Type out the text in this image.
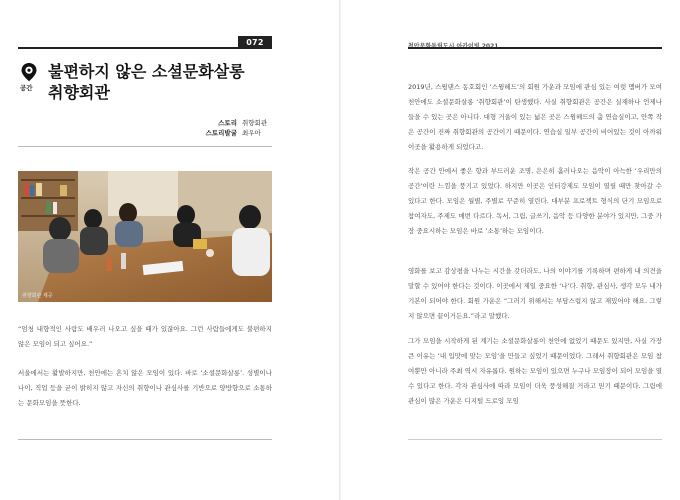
072
공간
불편하지 않은 소셜문화살롱
취향회관
스토리 취향회관
스토리발굴 최우아
취향회관 제공
“엄청 내향적인 사람도 배우러 나오고 싶을 때가 있잖아요. 그런 사람들에게도 불편하지 않은 모임이 되고 싶어요.”
서울에서는 활발하지만, 천안에는 흔치 않은 모임이 있다. 바로 ‘소셜문화살롱’. 성별이나 나이, 직업 등을 굳이 밝히지 않고 자신의 취향이나 관심사를 기반으로 양방향으로 소통하는 문화모임을 뜻한다.
2019년, 스윙댄스 동호회인 ‘스윙헤드’의 회원 가운과 모임에 관심 있는 여럿 멤버가 모여 천안에도 소셜문화살롱 ‘취향회관’이 탄생했다. 사실 취향회관은 공간은 실재하나 언제나 들을 수 있는 곳은 아니다. 대형 거울이 있는 넓은 곳은 스윙헤드의 춤 연습실이고, 안쪽 작은 공간이 진짜 취향회관의 공간이기 때문이다. 연습실 일부 공간이 비어있는 것이 아까워 이곳을 활용하게 되었다고.
작은 공간 안에서 좋은 향과 부드러운 조명, 은은히 흘러나오는 음악이 아늑한 ‘우리만의 공간’이란 느낌을 풍기고 있었다. 하지만 이곳은 인터강제도 모임이 열릴 때만 찾아갈 수 있다고 한다. 모임은 월별, 주별로 꾸준히 열린다. 대부분 프로젝트 형식의 단기 모임으로 참여자도, 주제도 매번 다르다. 독서, 그림, 글쓰기, 음악 등 다양한 분야가 있지만, 그중 가장 중요시하는 모임은 바로 ‘소통’하는 모임이다.
영화를 보고 감상평을 나누는 시간을 갖더라도, 나의 이야기를 기록하며 편하게 내 의견을 말할 수 있어야 한다는 것이다. 이곳에서 제일 중요한 ‘나’다. 취향, 관심사, 생각 모두 내가 기본이 되어야 한다. 회원 가운은 “그러기 위해서는 부담스럽지 않고 재밌어야 해요. 그렇지 않으면 끝이거든요.”라고 말했다.
그가 모임을 시작하게 된 계기는 소셜문화살롱이 천안에 없었기 때문도 있지만, 사실 가장 큰 이유는 ‘내 입맛에 맞는 모임’을 만들고 싶었기 때문이었다. 그래서 취향회관은 모임 참여뿐만 아니라 주최 역시 자유롭다. 원하는 모임이 있으면 누구나 모임장이 되어 모임을 열 수 있다고 한다. 각자 관심사에 따라 모임이 더욱 풍성해질 거라고 믿기 때문이다. 그림에 관심이 많은 가운은 디지털 드로잉 모임
